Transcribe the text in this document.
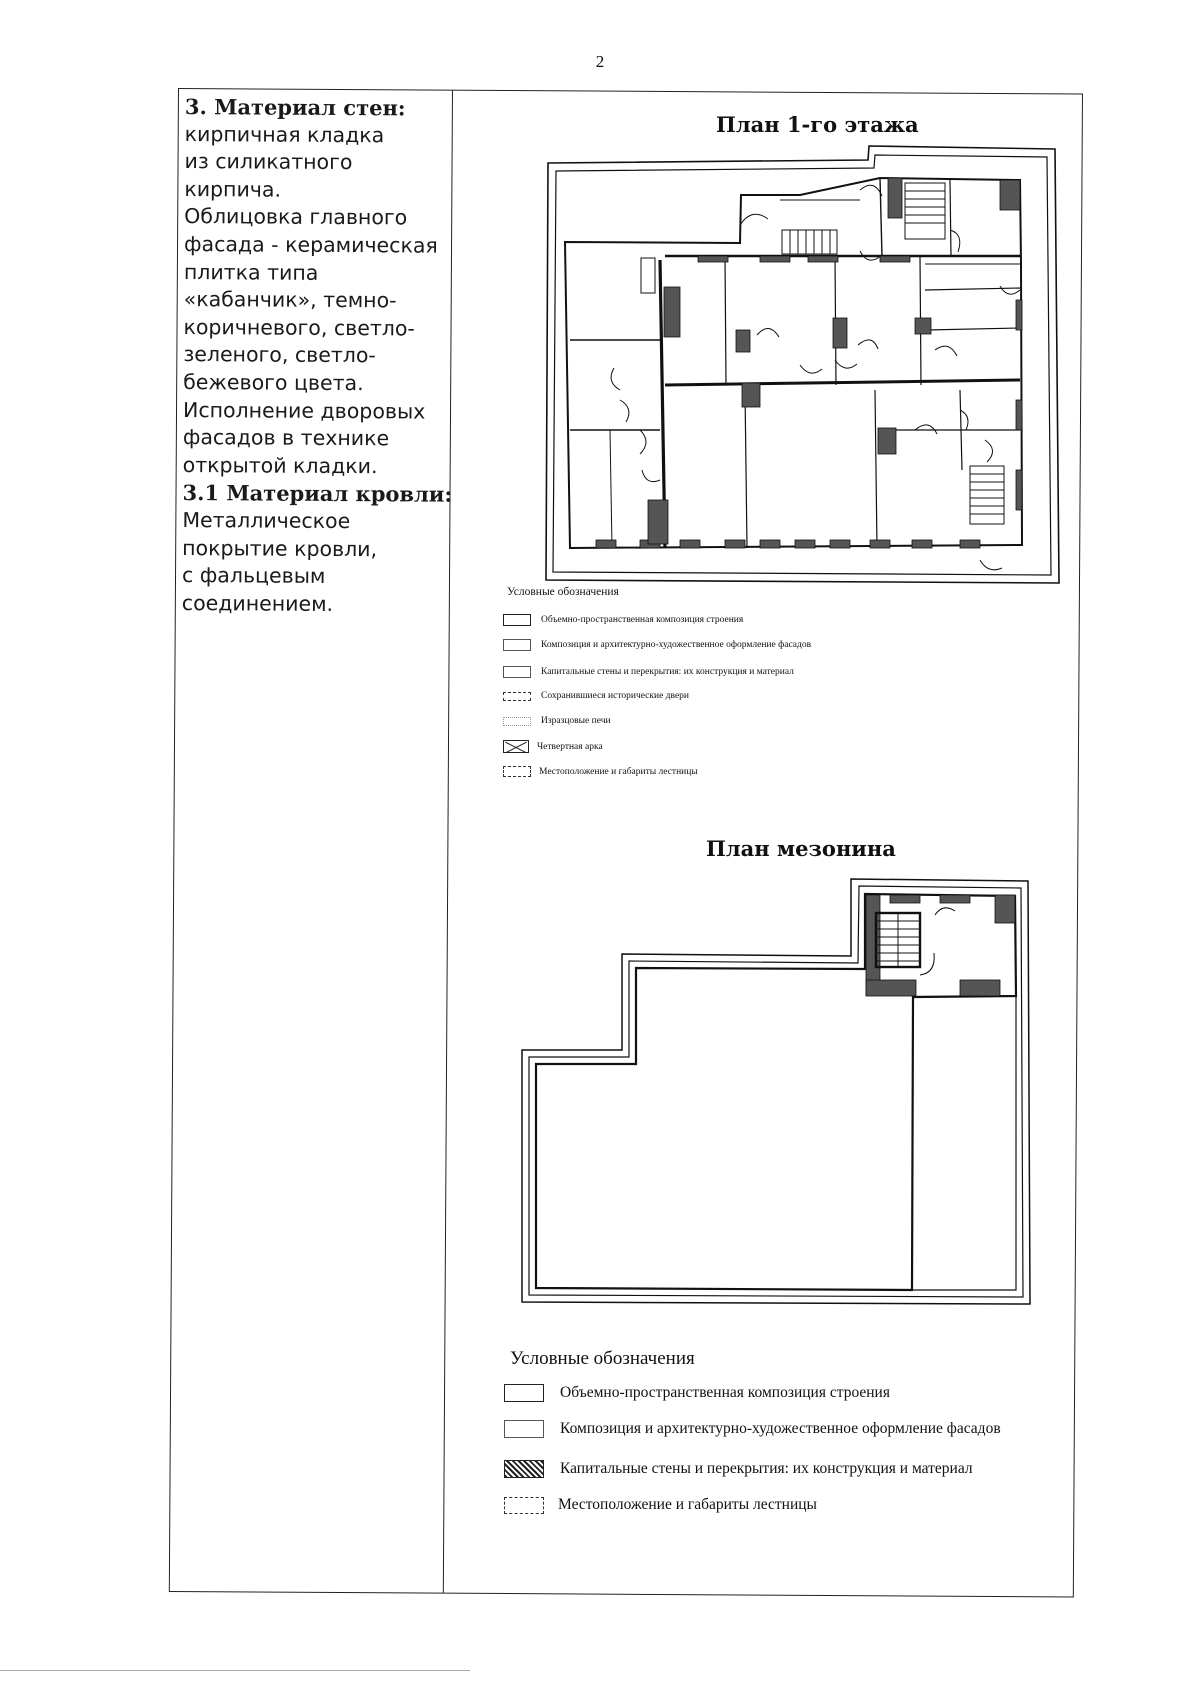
2
3. Материал стен:
кирпичная кладка
из силикатного
кирпича.
Облицовка главного
фасада - керамическая
плитка типа
«кабанчик», темно-
коричневого, светло-
зеленого, светло-
бежевого цвета.
Исполнение дворовых
фасадов в технике
открытой кладки.
3.1 Материал кровли:
Металлическое
покрытие кровли,
с фальцевым
соединением.
План 1-го этажа
Условные обозначения
Объемно-пространственная композиция строения
Композиция и архитектурно-художественное оформление фасадов
Капитальные стены и перекрытия: их конструкция и материал
Сохранившиеся исторические двери
Изразцовые печи
Четвертная арка
Местоположение и габариты лестницы
План мезонина
Условные обозначения
Объемно-пространственная композиция строения
Композиция и архитектурно-художественное оформление фасадов
Капитальные стены и перекрытия: их конструкция и материал
Местоположение и габариты лестницы
